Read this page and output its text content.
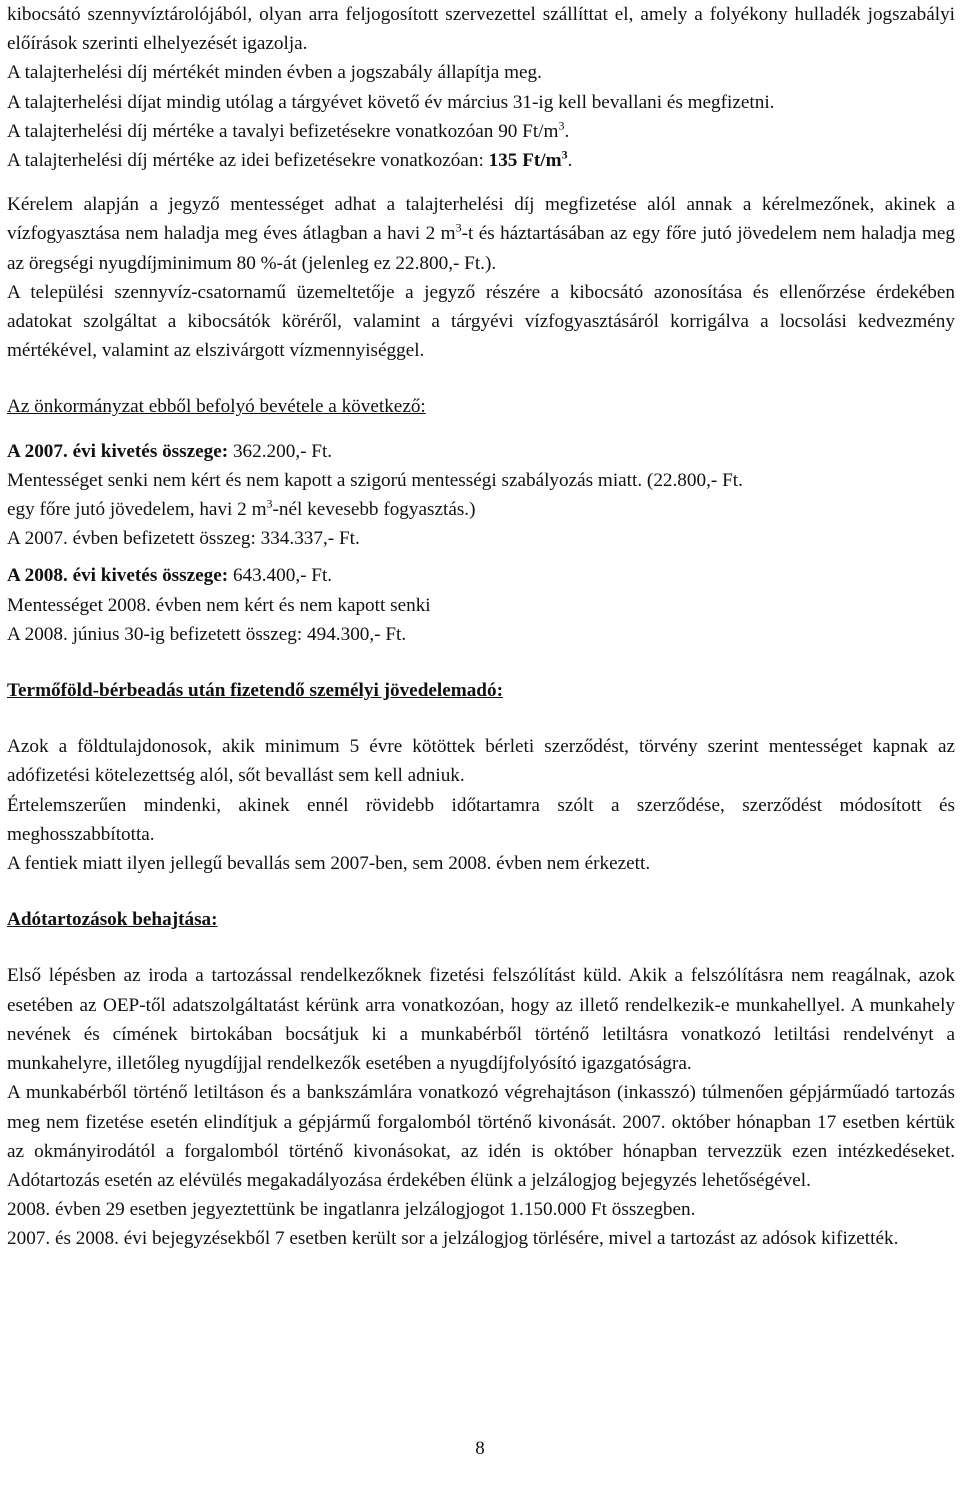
kibocsátó szennyvíztárolójából, olyan arra feljogosított szervezettel szállíttat el, amely a folyékony hulladék jogszabályi előírások szerinti elhelyezését igazolja.

A talajterhelési díj mértékét minden évben a jogszabály állapítja meg.

A talajterhelési díjat mindig utólag a tárgyévet követő év március 31-ig kell bevallani és megfizetni.

A talajterhelési díj mértéke a tavalyi befizetésekre vonatkozóan 90 $Ft/m^3$.

A talajterhelési díj mértéke az idei befizetésekre vonatkozóan: 135 $Ft/m^3$.

Kérelem alapján a jegyző mentességet adhat a talajterhelési díj megfizetése alól annak a kérelmezőnek, akinek a vízfogyasztása nem haladja meg éves átlagban a havi 2 $m^3-t$ és háztartásában az egy főre jutó jövedelem nem haladja meg az öregségi nyugdíjminimum 80 %-át (jelenleg ez 22.800,- Ft.).

A települési szennyvíz-csatornamű üzemeltetője a jegyző részére a kibocsátó azonosítása és ellenőrzése érdekében adatokat szolgáltat a kibocsátók köréről, valamint a tárgyévi vízfogyasztásáról korrigálva a locsolási kedvezmény mértékével, valamint az elszivárgott vízmennyiséggel.

Az önkormányzat ebből befolyó bevétele a következő:

A 2007. évi kivetés összege: 362.200,- Ft.

Mentességet senki nem kért és nem kapott a szigorú mentességi szabályozás miatt. (22.800,- Ft.

egy főre jutó jövedelem, havi 2 $m^3$-nél kevesebb fogyasztás.)

A 2007. évben befizetett összeg: 334.337,- Ft.

A 2008. évi kivetés összege: 643.400,- Ft.

Mentességet 2008. évben nem kért és nem kapott senki

A 2008. június 30-ig befizetett összeg: 494.300,- Ft.

Termőföld-bérbeadás után fizetendő személyi jövedelemadó:

Azok a földtulajdonosok, akik minimum 5 évre kötöttek bérleti szerződést, törvény szerint mentességet kapnak az adófizetési kötelezettség alól, sőt bevallást sem kell adniuk.

Értelemszerűen mindenki, akinek ennél rövidebb időtartamra szólt a szerződése, szerződést módosított és meghosszabbította.

A fentiek miatt ilyen jellegű bevallás sem 2007-ben, sem 2008. évben nem érkezett.

Adótartozások behajtása:

Első lépésben az iroda a tartozással rendelkezőknek fizetési felszólítást küld. Akik a felszólításra nem reagálnak, azok esetében az OEP-től adatszolgáltatást kérünk arra vonatkozóan, hogy az illető rendelkezik-e munkahellyel. A munkahely nevének és címének birtokában bocsátjuk ki a munkabérből történő letiltásra vonatkozó letiltási rendelvényt a munkahelyre, illetőleg nyugdíjjal rendelkezők esetében a nyugdíjfolyósító igazgatóságra.

A munkabérből történő letiltáson és a bankszámlára vonatkozó végrehajtáson (inkasszó) túlmenően gépjárműadó tartozás meg nem fizetése esetén elindítjuk a gépjármű forgalomból történő kivonását. 2007. október hónapban 17 esetben kértük az okmányirodától a forgalomból történő kivonásokat, az idén is október hónapban tervezzük ezen intézkedéseket. Adótartozás esetén az elévülés megakadályozása érdekében élünk a jelzálogjog bejegyzés lehetőségével.

2008. évben 29 esetben jegyeztettünk be ingatlanra jelzálogjogot 1.150.000 Ft összegben.

2007. és 2008. évi bejegyzésekből 7 esetben került sor a jelzálogjog törlésére, mivel a tartozást az adósok kifizették.

8
